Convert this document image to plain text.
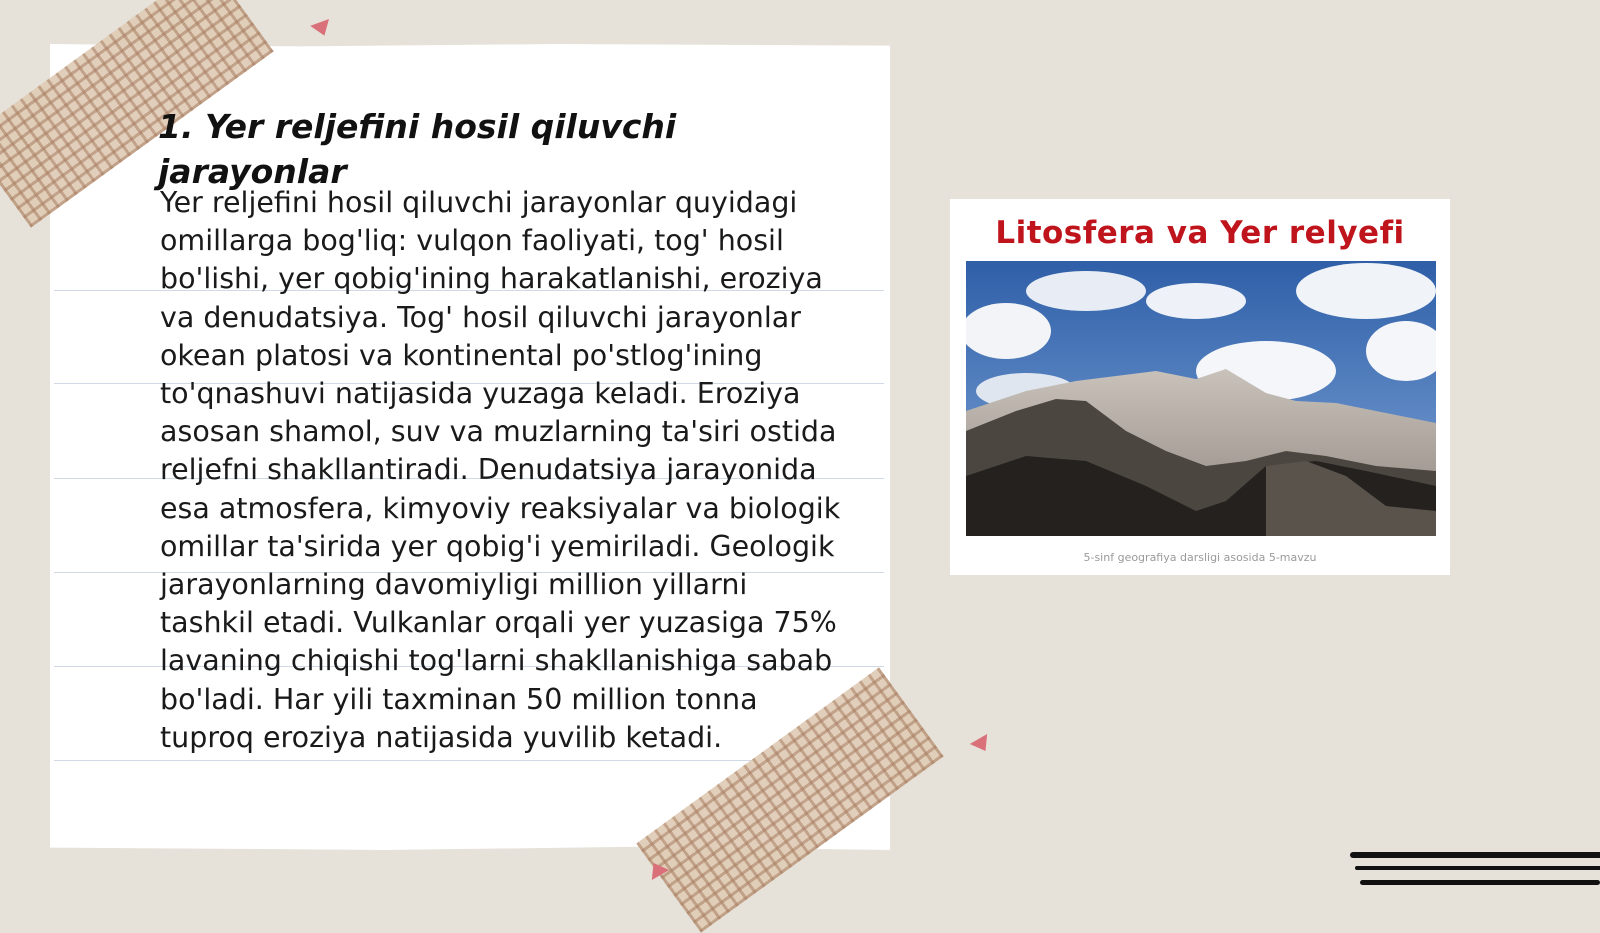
1. Yer reljefini hosil qiluvchi jarayonlar

Yer reljefini hosil qiluvchi jarayonlar quyidagi omillarga bog'liq: vulqon faoliyati, tog' hosil bo'lishi, yer qobig'ining harakatlanishi, eroziya va denudatsiya. Tog' hosil qiluvchi jarayonlar okean platosi va kontinental po'stlog'ining to'qnashuvi natijasida yuzaga keladi. Eroziya asosan shamol, suv va muzlarning ta'siri ostida reljefni shakllantiradi. Denudatsiya jarayonida esa atmosfera, kimyoviy reaksiyalar va biologik omillar ta'sirida yer qobig'i yemiriladi. Geologik jarayonlarning davomiyligi million yillarni tashkil etadi. Vulkanlar orqali yer yuzasiga 75% lavaning chiqishi tog'larni shakllanishiga sabab bo'ladi. Har yili taxminan 50 million tonna tuproq eroziya natijasida yuvilib ketadi.

Litosfera va Yer relyefi
5-sinf geografiya darsligi asosida 5-mavzu
